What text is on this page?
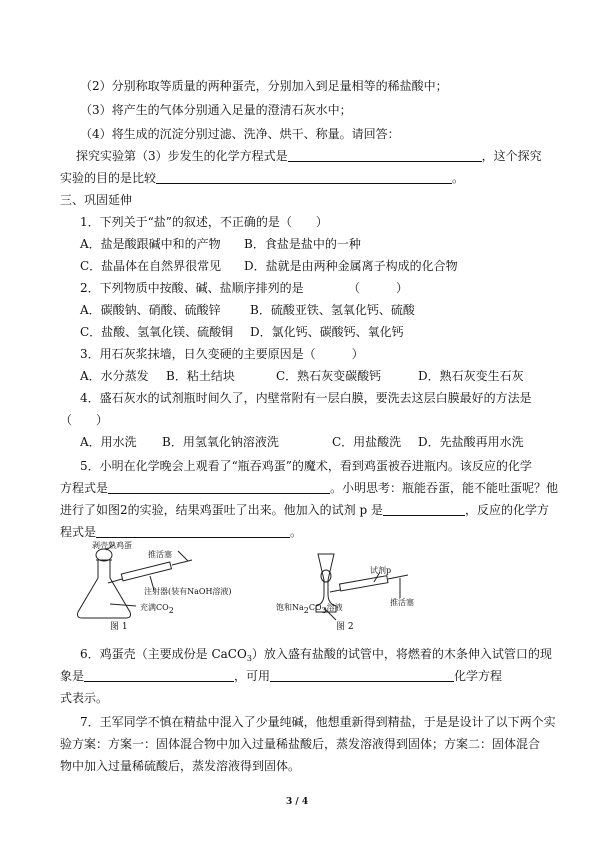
（2）分别称取等质量的两种蛋壳，分别加入到足量相等的稀盐酸中；
（3）将产生的气体分别通入足量的澄清石灰水中；
（4）将生成的沉淀分别过滤、洗净、烘干、称量。请回答：
探究实验第（3）步发生的化学方程式是	，这个探究
实验的目的是比较	。
三、巩固延伸
1．下列关于“盐”的叙述，不正确的是（　　）
A．盐是酸跟碱中和的产物 B．食盐是盐中的一种
C．盐晶体在自然界很常见 D．盐就是由两种金属离子构成的化合物
2．下列物质中按酸、碱、盐顺序排列的是	（　　　）
A．碳酸钠、硝酸、硫酸锌 B．硫酸亚铁、氢氧化钙、硫酸
C．盐酸、氢氧化镁、硫酸铜 D．氯化钙、碳酸钙、氧化钙
3．用石灰浆抹墙，日久变硬的主要原因是（　　　）
A．水分蒸发 B．粘土结块	C．熟石灰变碳酸钙	D．熟石灰变生石灰
4．盛石灰水的试剂瓶时间久了，内壁常附有一层白膜，要洗去这层白膜最好的方法是
（　　）
A．用水洗 B．用氢氧化钠溶液洗	C．用盐酸洗 D．先盐酸再用水洗
5．小明在化学晚会上观看了“瓶吞鸡蛋”的魔术，看到鸡蛋被吞进瓶内。该反应的化学
方程式是	。小明思考：瓶能吞蛋，能不能吐蛋呢？他
进行了如图2的实验，结果鸡蛋吐了出来。他加入的试剂 p 是	，反应的化学方
程式是	。
剥壳熟鸡蛋
推活塞
注射器(装有NaOH溶液)
充满CO2
图 1
试剂p
饱和Na2CO3溶液
推活塞
图 2
6．鸡蛋壳（主要成份是 CaCO$_3$）放入盛有盐酸的试管中，将燃着的木条伸入试管口的现
象是	，可用	化学方程
式表示。
7．王军同学不慎在精盐中混入了少量纯碱，他想重新得到精盐，于是是设计了以下两个实
验方案：方案一：固体混合物中加入过量稀盐酸后，蒸发溶液得到固体；方案二：固体混合
物中加入过量稀硫酸后，蒸发溶液得到固体。
3 / 4
